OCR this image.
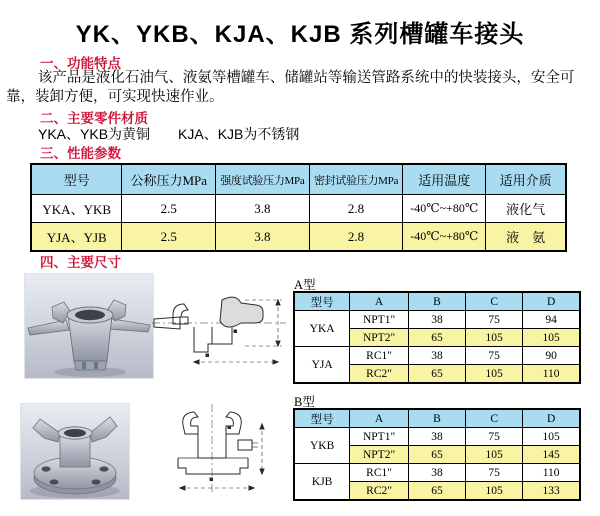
YK、YKB、KJA、KJB 系列槽罐车接头
一、功能特点
该产品是液化石油气、液氨等槽罐车、储罐站等输送管路系统中的快装接头，安全可靠，装卸方便，可实现快速作业。
二、主要零件材质
YKA、YKB为黄铜　　KJA、KJB为不锈钢
三、性能参数
型号	公称压力MPa	强度试验压力MPa	密封试验压力MPa	适用温度	适用介质
YKA、YKB	2.5	3.8	2.8	-40℃~+80℃	液化气
YJA、YJB	2.5	3.8	2.8	-40℃~+80℃	液　氨
四、主要尺寸
A型
型号	A	B	C	D
YKA	NPT1"	38	75	94
	NPT2"	65	105	105
YJA	RC1"	38	75	90
	RC2"	65	105	110
B型
型号	A	B	C	D
YKB	NPT1"	38	75	105
	NPT2"	65	105	145
KJB	RC1"	38	75	110
	RC2"	65	105	133
